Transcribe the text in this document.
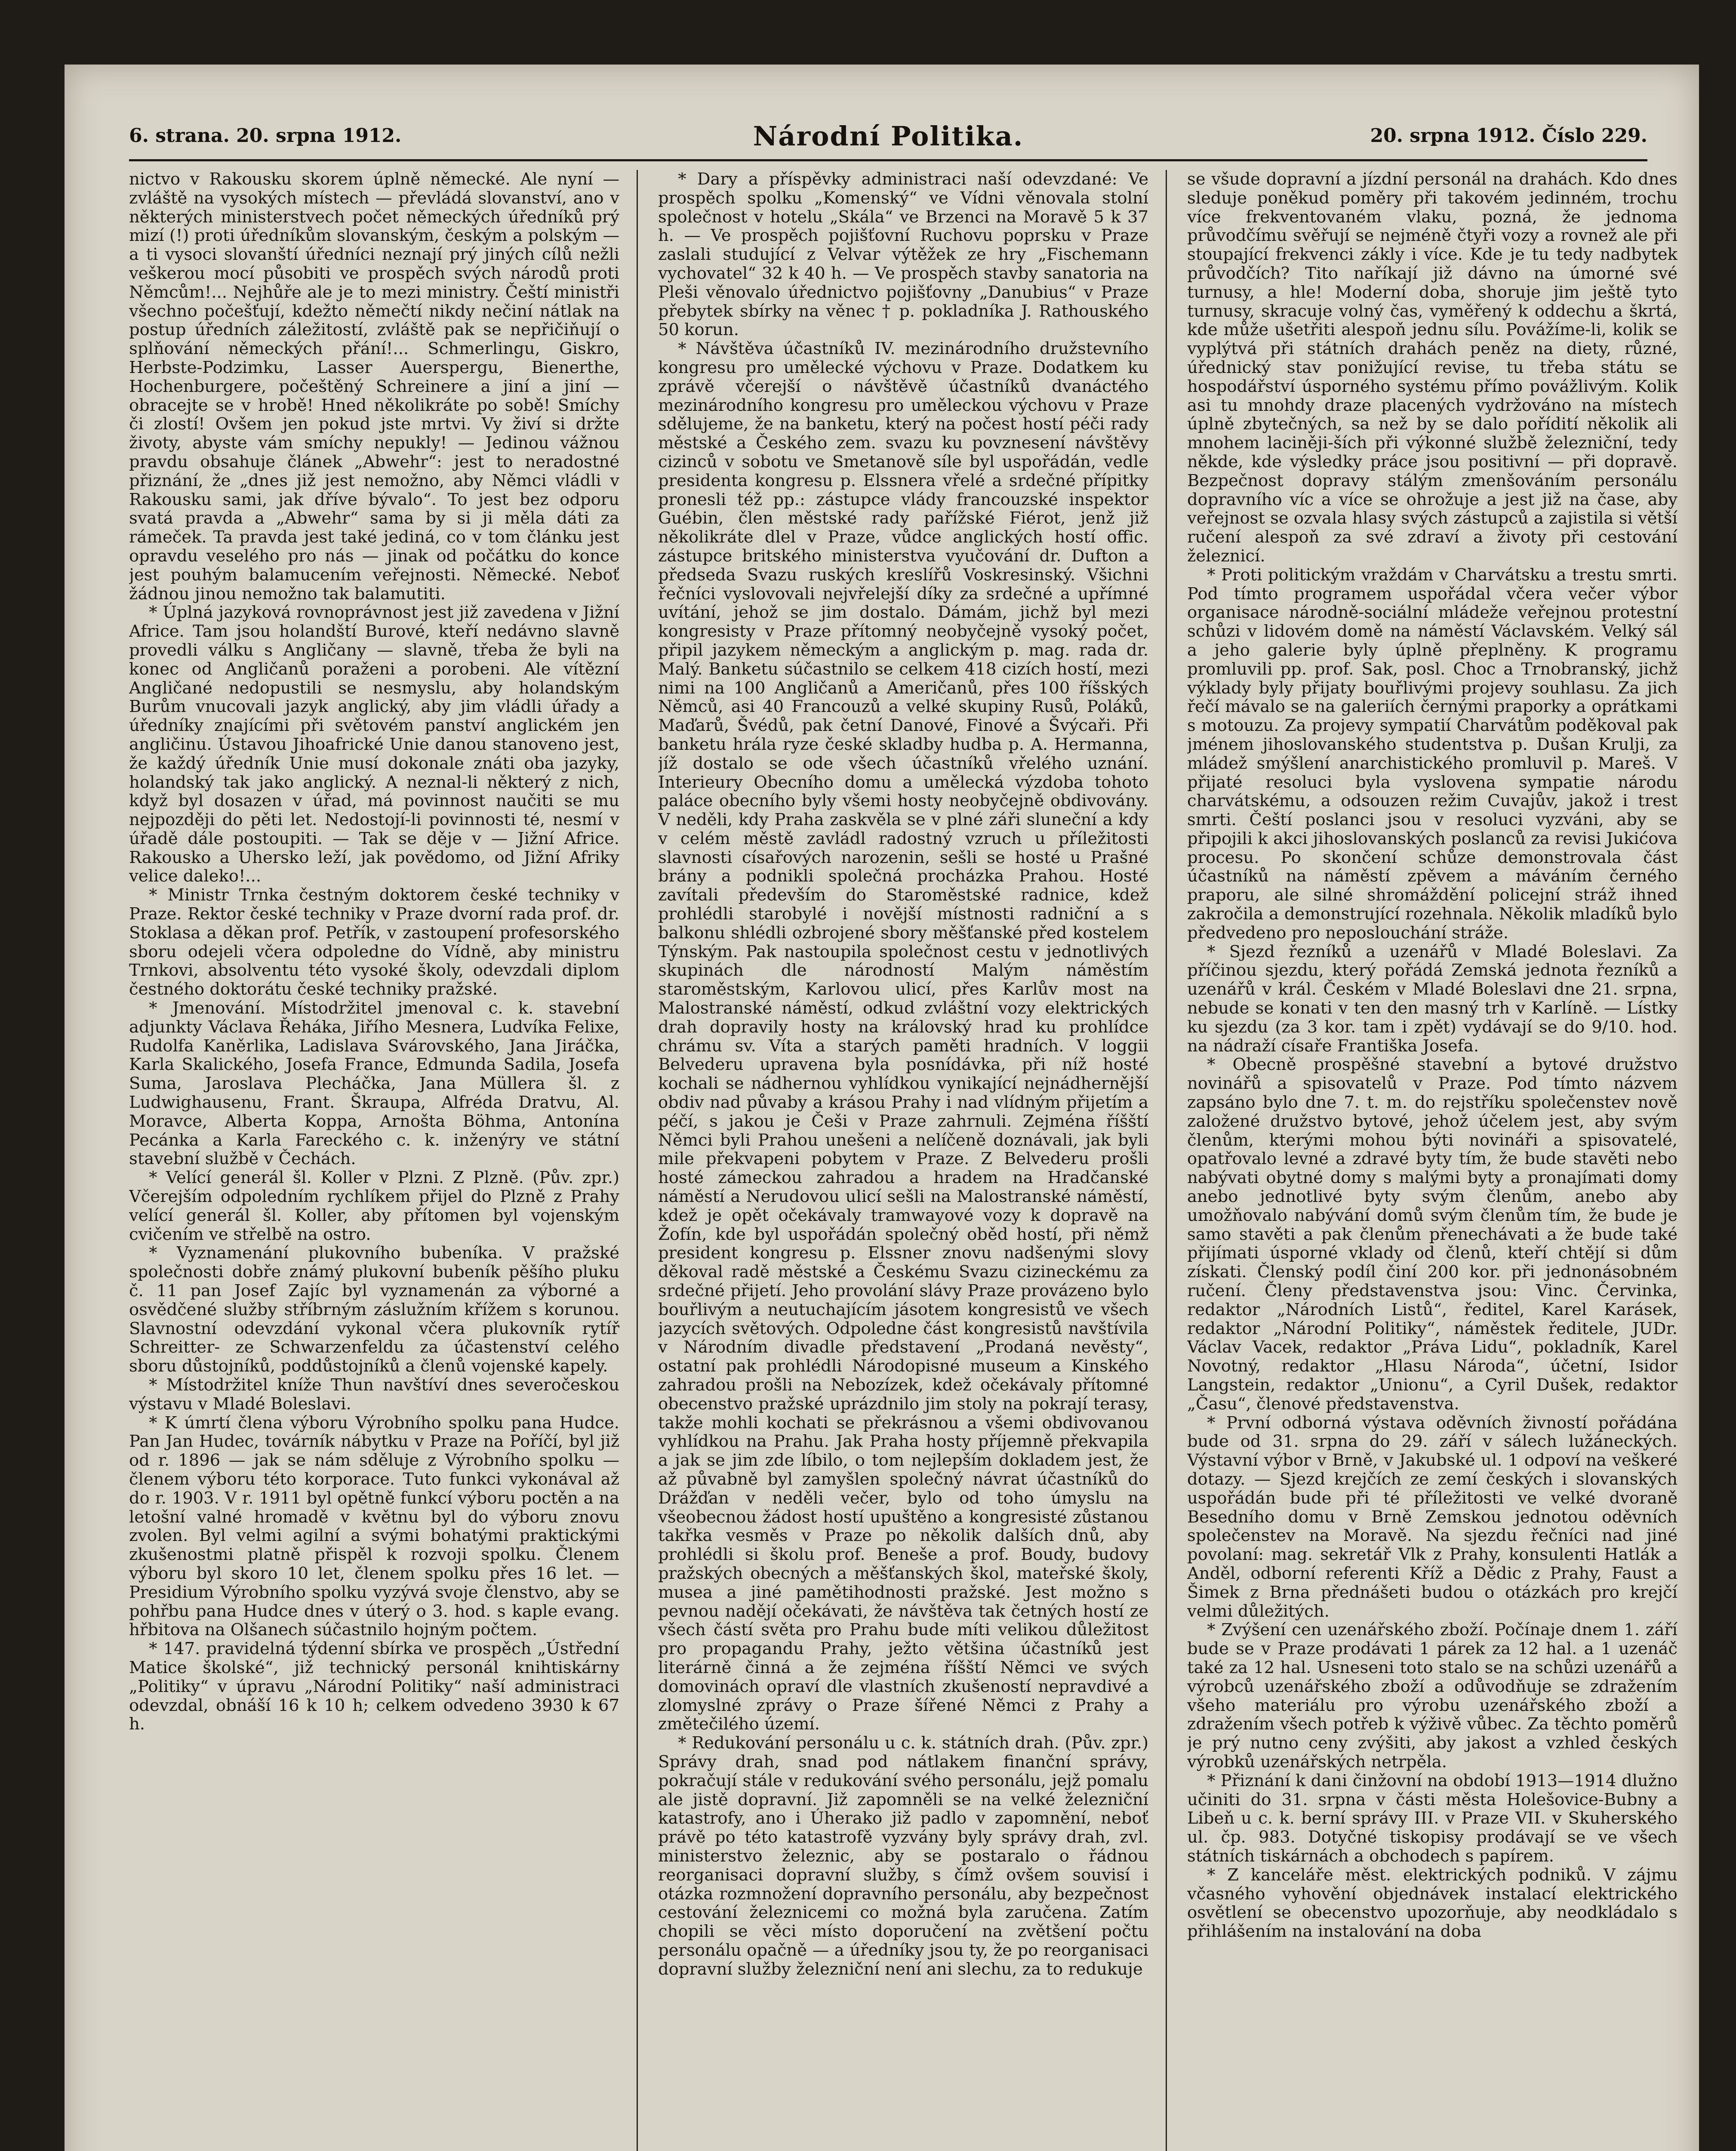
6. strana. 20. srpna 1912.	Národní Politika.	20. srpna 1912. Číslo 229.

nictvo v Rakousku skorem úplně německé. Ale nyní — zvláště na vysokých místech — převládá slovanství, ano v některých ministerstvech počet německých úředníků prý mizí (!) proti úředníkům slovanským, českým a polským — a ti vysoci slovanští úředníci neznají prý jiných cílů nežli veškerou mocí působiti ve prospěch svých národů proti Němcům!... Nejhůře ale je to mezi ministry. Čeští ministři všechno počešťují, kdežto němečtí nikdy nečiní nátlak na postup úředních záležitostí, zvláště pak se nepřičiňují o splňování německých přání!... Schmerlingu, Giskro, Herbste-Podzimku, Lasser Auerspergu, Bienerthe, Hochenburgere, počeštěný Schreinere a jiní a jiní — obracejte se v hrobě! Hned několikráte po sobě! Smíchy či zlostí! Ovšem jen pokud jste mrtvi. Vy živí si držte životy, abyste vám smíchy nepukly! — Jedinou vážnou pravdu obsahuje článek „Abwehr“: jest to neradostné přiznání, že „dnes již jest nemožno, aby Němci vládli v Rakousku sami, jak dříve bývalo“. To jest bez odporu svatá pravda a „Abwehr“ sama by si ji měla dáti za rámeček. Ta pravda jest také jediná, co v tom článku jest opravdu veselého pro nás — jinak od počátku do konce jest pouhým balamucením veřejnosti. Německé. Neboť žádnou jinou nemožno tak balamutiti.

* Úplná jazyková rovnoprávnost jest již zavedena v Jižní Africe. Tam jsou holandští Burové, kteří nedávno slavně provedli válku s Angličany — slavně, třeba že byli na konec od Angličanů poraženi a porobeni. Ale vítězní Angličané nedopustili se nesmyslu, aby holandským Burům vnucovali jazyk anglický, aby jim vládli úřady a úředníky znajícími při světovém panství anglickém jen angličinu. Ústavou Jihoafrické Unie danou stanoveno jest, že každý úředník Unie musí dokonale znáti oba jazyky, holandský tak jako anglický. A neznal-li některý z nich, když byl dosazen v úřad, má povinnost naučiti se mu nejpozději do pěti let. Nedostojí-li povinnosti té, nesmí v úřadě dále postoupiti. — Tak se děje v — Jižní Africe. Rakousko a Uhersko leží, jak povědomo, od Jižní Afriky velice daleko!...

* Ministr Trnka čestným doktorem české techniky v Praze. Rektor české techniky v Praze dvorní rada prof. dr. Stoklasa a děkan prof. Petřík, v zastoupení profesorského sboru odejeli včera odpoledne do Vídně, aby ministru Trnkovi, absolventu této vysoké školy, odevzdali diplom čestného doktorátu české techniky pražské.

* Jmenování. Místodržitel jmenoval c. k. stavební adjunkty Václava Řeháka, Jiřího Mesnera, Ludvíka Felixe, Rudolfa Kaněrlika, Ladislava Svárovského, Jana Jiráčka, Karla Skalického, Josefa France, Edmunda Sadila, Josefa Suma, Jaroslava Plecháčka, Jana Müllera šl. z Ludwighausenu, Frant. Škraupa, Alfréda Dratvu, Al. Moravce, Alberta Koppa, Arnošta Böhma, Antonína Pecánka a Karla Fareckého c. k. inženýry ve státní stavební službě v Čechách.

* Velící generál šl. Koller v Plzni. Z Plzně. (Pův. zpr.) Včerejším odpoledním rychlíkem přijel do Plzně z Prahy velící generál šl. Koller, aby přítomen byl vojenským cvičením ve střelbě na ostro.

* Vyznamenání plukovního bubeníka. V pražské společnosti dobře známý plukovní bubeník pěšího pluku č. 11 pan Josef Zajíc byl vyznamenán za výborné a osvědčené služby stříbrným záslužním křížem s korunou. Slavnostní odevzdání vykonal včera plukovník rytíř Schreitter- ze Schwarzenfeldu za účastenství celého sboru důstojníků, poddůstojníků a členů vojenské kapely.

* Místodržitel kníže Thun navštíví dnes severočeskou výstavu v Mladé Boleslavi.

* K úmrtí člena výboru Výrobního spolku pana Hudce. Pan Jan Hudec, továrník nábytku v Praze na Poříčí, byl již od r. 1896 — jak se nám sděluje z Výrobního spolku — členem výboru této korporace. Tuto funkci vykonával až do r. 1903. V r. 1911 byl opětně funkcí výboru poctěn a na letošní valné hromadě v květnu byl do výboru znovu zvolen. Byl velmi agilní a svými bohatými praktickými zkušenostmi platně přispěl k rozvoji spolku. Členem výboru byl skoro 10 let, členem spolku přes 16 let. — Presidium Výrobního spolku vyzývá svoje členstvo, aby se pohřbu pana Hudce dnes v úterý o 3. hod. s kaple evang. hřbitova na Olšanech súčastnilo hojným počtem.

* 147. pravidelná týdenní sbírka ve prospěch „Ústřední Matice školské“, již technický personál knihtiskárny „Politiky“ v úpravu „Národní Politiky“ naší administraci odevzdal, obnáší 16 k 10 h; celkem odvedeno 3930 k 67 h.

* Dary a příspěvky administraci naší odevzdané: Ve prospěch spolku „Komenský“ ve Vídni věnovala stolní společnost v hotelu „Skála“ ve Brzenci na Moravě 5 k 37 h. — Ve prospěch pojišťovní Ruchovu poprsku v Praze zaslali studující z Velvar výtěžek ze hry „Fischemann vychovatel“ 32 k 40 h. — Ve prospěch stavby sanatoria na Pleši věnovalo úřednictvo pojišťovny „Danubius“ v Praze přebytek sbírky na věnec † p. pokladníka J. Rathouského 50 korun.

* Návštěva účastníků IV. mezinárodního družstevního kongresu pro umělecké výchovu v Praze. Dodatkem ku zprávě včerejší o návštěvě účastníků dvanáctého mezinárodního kongresu pro uměleckou výchovu v Praze sdělujeme, že na banketu, který na počest hostí péči rady městské a Českého zem. svazu ku povznesení návštěvy cizinců v sobotu ve Smetanově síle byl uspořádán, vedle presidenta kongresu p. Elssnera vřelé a srdečné přípitky pronesli též pp.: zástupce vlády francouzské inspektor Guébin, člen městské rady pařížské Fiérot, jenž již několikráte dlel v Praze, vůdce anglických hostí offic. zástupce britského ministerstva vyučování dr. Dufton a předseda Svazu ruských kreslířů Voskresinský. Všichni řečníci vyslovovali nejvřelejší díky za srdečné a upřímné uvítání, jehož se jim dostalo. Dámám, jichž byl mezi kongresisty v Praze přítomný neobyčejně vysoký počet, připil jazykem německým a anglickým p. mag. rada dr. Malý. Banketu súčastnilo se celkem 418 cizích hostí, mezi nimi na 100 Angličanů a Američanů, přes 100 říšských Němců, asi 40 Francouzů a velké skupiny Rusů, Poláků, Maďarů, Švédů, pak četní Danové, Finové a Švýcaři. Při banketu hrála ryze české skladby hudba p. A. Hermanna, jíž dostalo se ode všech účastníků vřelého uznání. Interieury Obecního domu a umělecká výzdoba tohoto paláce obecního byly všemi hosty neobyčejně obdivovány. V neděli, kdy Praha zaskvěla se v plné záři sluneční a kdy v celém městě zavládl radostný vzruch u příležitosti slavnosti císařových narozenin, sešli se hosté u Prašné brány a podnikli společná procházka Prahou. Hosté zavítali především do Staroměstské radnice, kdež prohlédli starobylé i novější místnosti radniční a s balkonu shlédli ozbrojené sbory měšťanské před kostelem Týnským. Pak nastoupila společnost cestu v jednotlivých skupinách dle národností Malým náměstím staroměstským, Karlovou ulicí, přes Karlův most na Malostranské náměstí, odkud zvláštní vozy elektrických drah dopravily hosty na královský hrad ku prohlídce chrámu sv. Víta a starých paměti hradních. V loggii Belvederu upravena byla posnídávka, při níž hosté kochali se nádhernou vyhlídkou vynikající nejnádhernější obdiv nad půvaby a krásou Prahy i nad vlídným přijetím a péčí, s jakou je Češi v Praze zahrnuli. Zejména říšští Němci byli Prahou unešeni a nelíčeně doznávali, jak byli mile překvapeni pobytem v Praze. Z Belvederu prošli hosté zámeckou zahradou a hradem na Hradčanské náměstí a Nerudovou ulicí sešli na Malostranské náměstí, kdež je opět očekávaly tramwayové vozy k dopravě na Žofín, kde byl uspořádán společný oběd hostí, při němž president kongresu p. Elssner znovu nadšenými slovy děkoval radě městské a Českému Svazu cizineckému za srdečné přijetí. Jeho provolání slávy Praze provázeno bylo bouřlivým a neutuchajícím jásotem kongresistů ve všech jazycích světových. Odpoledne část kongresistů navštívila v Národním divadle představení „Prodaná nevěsty“, ostatní pak prohlédli Národopisné museum a Kinského zahradou prošli na Nebozízek, kdež očekávaly přítomné obecenstvo pražské uprázdnilo jim stoly na pokrají terasy, takže mohli kochati se překrásnou a všemi obdivovanou vyhlídkou na Prahu. Jak Praha hosty příjemně překvapila a jak se jim zde líbilo, o tom nejlepším dokladem jest, že až půvabně byl zamyšlen společný návrat účastníků do Drážďan v neděli večer, bylo od toho úmyslu na všeobecnou žádost hostí upuštěno a kongresisté zůstanou takřka vesměs v Praze po několik dalších dnů, aby prohlédli si školu prof. Beneše a prof. Boudy, budovy pražských obecných a měšťanských škol, mateřské školy, musea a jiné pamětihodnosti pražské. Jest možno s pevnou nadějí očekávati, že návštěva tak četných hostí ze všech částí světa pro Prahu bude míti velikou důležitost pro propagandu Prahy, ježto většina účastníků jest literárně činná a že zejména říšští Němci ve svých domovinách opraví dle vlastních zkušeností nepravdivé a zlomyslné zprávy o Praze šířené Němci z Prahy a změtečilého území.

* Redukování personálu u c. k. státních drah. (Pův. zpr.) Správy drah, snad pod nátlakem finanční správy, pokračují stále v redukování svého personálu, jejž pomalu ale jistě dopravní. Již zapomněli se na velké železniční katastrofy, ano i Úherako již padlo v zapomnění, neboť právě po této katastrofě vyzvány byly správy drah, zvl. ministerstvo železnic, aby se postaralo o řádnou reorganisaci dopravní služby, s čímž ovšem souvisí i otázka rozmnožení dopravního personálu, aby bezpečnost cestování železnicemi co možná byla zaručena. Zatím chopili se věci místo doporučení na zvětšení počtu personálu opačně — a úředníky jsou ty, že po reorganisaci dopravní služby železniční není ani slechu, za to redukuje

se všude dopravní a jízdní personál na drahách. Kdo dnes sleduje poněkud poměry při takovém jedinném, trochu více frekventovaném vlaku, pozná, že jednoma průvodčímu svěřují se nejméně čtyři vozy a rovnež ale při stoupající frekvenci zákly i více. Kde je tu tedy nadbytek průvodčích? Tito naříkají již dávno na úmorné své turnusy, a hle! Moderní doba, shoruje jim ještě tyto turnusy, skracuje volný čas, vyměřený k oddechu a škrtá, kde může ušetřiti alespoň jednu sílu. Povážíme-li, kolik se vyplýtvá při státních drahách peněz na diety, různé, úřednický stav ponižující revise, tu třeba státu se hospodářství úsporného systému přímo povážlivým. Kolik asi tu mnohdy draze placených vydržováno na místech úplně zbytečných, sa než by se dalo pořídití několik ali mnohem laciněji-ších při výkonné službě železniční, tedy někde, kde výsledky práce jsou positivní — při dopravě. Bezpečnost dopravy stálým zmenšováním personálu dopravního víc a více se ohrožuje a jest již na čase, aby veřejnost se ozvala hlasy svých zástupců a zajistila si větší ručení alespoň za své zdraví a životy při cestování železnicí.

* Proti politickým vraždám v Charvátsku a trestu smrti. Pod tímto programem uspořádal včera večer výbor organisace národně-sociální mládeže veřejnou protestní schůzi v lidovém domě na náměstí Václavském. Velký sál a jeho galerie byly úplně přeplněny. K programu promluvili pp. prof. Sak, posl. Choc a Trnobranský, jichž výklady byly přijaty bouřlivými projevy souhlasu. Za jich řečí mávalo se na galeriích černými praporky a oprátkami s motouzu. Za projevy sympatií Charvátům poděkoval pak jménem jihoslovanského studentstva p. Dušan Krulji, za mládež smýšlení anarchistického promluvil p. Mareš. V přijaté resoluci byla vyslovena sympatie národu charvátskému, a odsouzen režim Cuvajův, jakož i trest smrti. Čeští poslanci jsou v resoluci vyzváni, aby se připojili k akci jihoslovanských poslanců za revisi Jukićova procesu. Po skončení schůze demonstrovala část účastníků na náměstí zpěvem a máváním černého praporu, ale silné shromáždění policejní stráž ihned zakročila a demonstrující rozehnala. Několik mladíků bylo předvedeno pro neposlouchání stráže.

* Sjezd řezníků a uzenářů v Mladé Boleslavi. Za příčinou sjezdu, který pořádá Zemská jednota řezníků a uzenářů v král. Českém v Mladé Boleslavi dne 21. srpna, nebude se konati v ten den masný trh v Karlíně. — Lístky ku sjezdu (za 3 kor. tam i zpět) vydávají se do 9/10. hod. na nádraží císaře Františka Josefa.

* Obecně prospěšné stavební a bytové družstvo novinářů a spisovatelů v Praze. Pod tímto názvem zapsáno bylo dne 7. t. m. do rejstříku společenstev nově založené družstvo bytové, jehož účelem jest, aby svým členům, kterými mohou býti novináři a spisovatelé, opatřovalo levné a zdravé byty tím, že bude stavěti nebo nabývati obytné domy s malými byty a pronajímati domy anebo jednotlivé byty svým členům, anebo aby umožňovalo nabývání domů svým členům tím, že bude je samo stavěti a pak členům přenechávati a že bude také přijímati úsporné vklady od členů, kteří chtějí si dům získati. Členský podíl činí 200 kor. při jednonásobném ručení. Členy představenstva jsou: Vinc. Červinka, redaktor „Národních Listů“, ředitel, Karel Karásek, redaktor „Národní Politiky“, náměstek ředitele, JUDr. Václav Vacek, redaktor „Práva Lidu“, pokladník, Karel Novotný, redaktor „Hlasu Národa“, účetní, Isidor Langstein, redaktor „Unionu“, a Cyril Dušek, redaktor „Času“, členové představenstva.

* První odborná výstava oděvních živností pořádána bude od 31. srpna do 29. září v sálech lužáneckých. Výstavní výbor v Brně, v Jakubské ul. 1 odpoví na veškeré dotazy. — Sjezd krejčích ze zemí českých i slovanských uspořádán bude při té příležitosti ve velké dvoraně Besedního domu v Brně Zemskou jednotou oděvních společenstev na Moravě. Na sjezdu řečníci nad jiné povolaní: mag. sekretář Vlk z Prahy, konsulenti Hatlák a Anděl, odborní referenti Kříž a Dědic z Prahy, Faust a Šimek z Brna přednášeti budou o otázkách pro krejčí velmi důležitých.

* Zvýšení cen uzenářského zboží. Počínaje dnem 1. září bude se v Praze prodávati 1 párek za 12 hal. a 1 uzenáč také za 12 hal. Usneseni toto stalo se na schůzi uzenářů a výrobců uzenářského zboží a odůvodňuje se zdražením všeho materiálu pro výrobu uzenářského zboží a zdražením všech potřeb k výživě vůbec. Za těchto poměrů je prý nutno ceny zvýšiti, aby jakost a vzhled českých výrobků uzenářských netrpěla.

* Přiznání k dani činžovní na období 1913—1914 dlužno učiniti do 31. srpna v části města Holešovice-Bubny a Libeň u c. k. berní správy III. v Praze VII. v Skuherského ul. čp. 983. Dotyčné tiskopisy prodávají se ve všech státních tiskárnách a obchodech s papírem.

* Z kanceláře měst. elektrických podniků. V zájmu včasného vyhovění objednávek instalací elektrického osvětlení se obecenstvo upozorňuje, aby neodkládalo s přihlášením na instalování na doba
